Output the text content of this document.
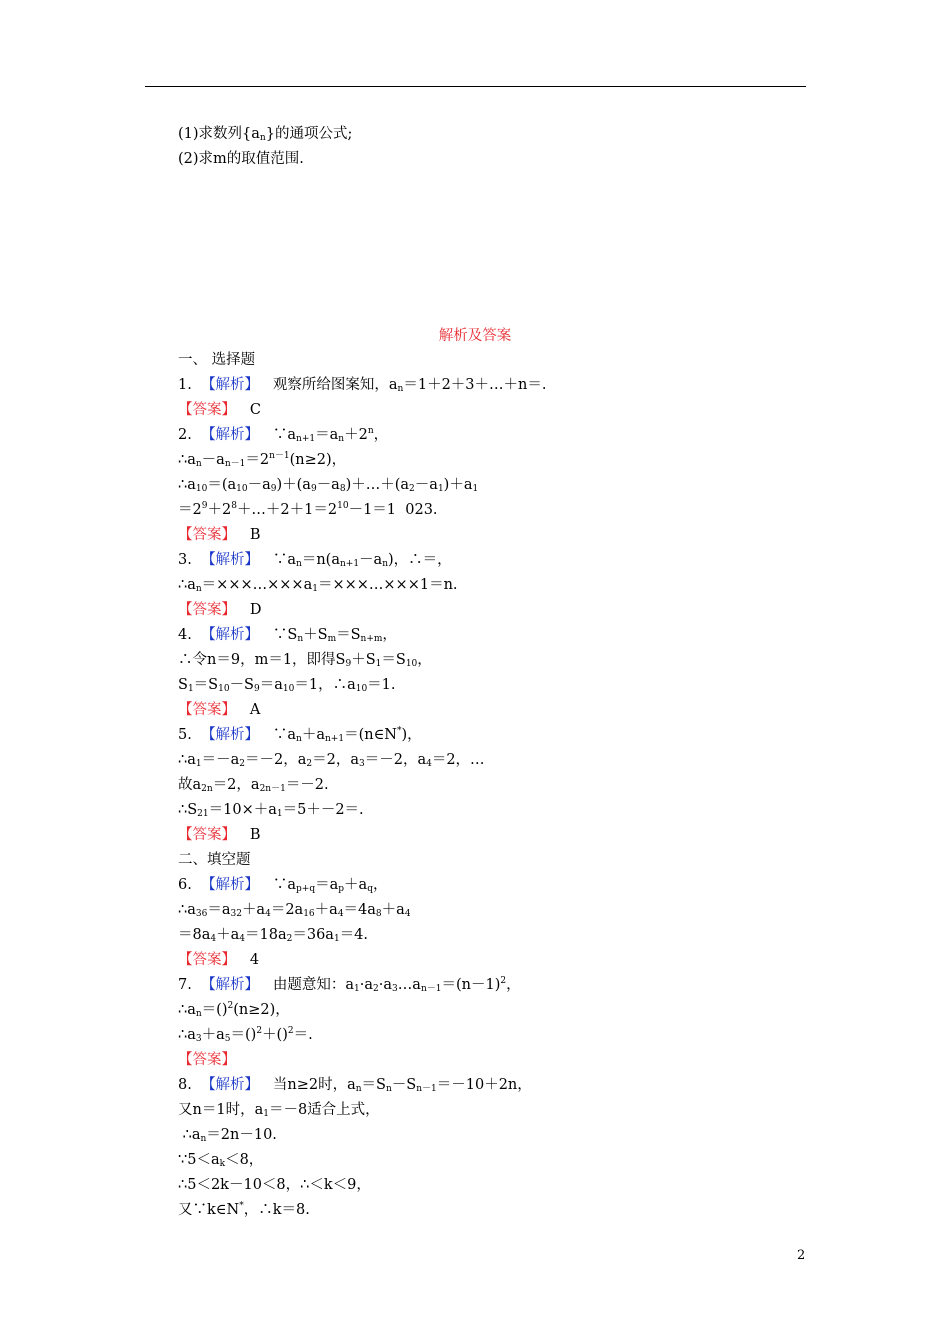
(1)求数列$\{a_n\}$的通项公式;
(2)求m的取值范围.
解析及答案
一、 选择题
1.  【解析】   观察所给图案知，$a_n=1+2+3+\dots+n=$.
【答案】 C
2.  【解析】   $\because a_{n+1}=a_n+2^n$，
$\therefore a_n-a_{n-1}=2^{n-1}(n\ge 2)$，
$\therefore a_{10}=(a_{10}-a_9)+(a_9-a_8)+\dots+(a_2-a_1)+a_1$
$=2^9+2^8+\dots+2+1=2^{10}-1=1$  023.
【答案】 B
3.  【解析】   $\because a_n=n(a_{n+1}-a_n)$，∴＝，
$\therefore a_n=\times\times\times\dots\times\times\times a_1=\times\times\times\dots\times\times\times 1=n$.
【答案】 D
4.  【解析】   $\because S_n+S_m=S_{n+m}$，
∴令n＝9，m＝1，即得$S_9+S_1=S_{10}$，
$S_1=S_{10}-S_9=a_{10}=1$，$\therefore a_{10}=1$.
【答案】 A
5.  【解析】   $\because a_n+a_{n+1}=(n\in N^*)$，
$\therefore a_1=-a_2=-2$，$a_2=2$，$a_3=-2$，$a_4=2$，…
故$a_{2n}=2$，$a_{2n-1}=-2$.
$\therefore S_{21}=10\times+a_1=5+-2=$.
【答案】 B
二、填空题
6.  【解析】   $\because a_{p+q}=a_p+a_q$，
$\therefore a_{36}=a_{32}+a_4=2a_{16}+a_4=4a_8+a_4$
$=8a_4+a_4=18a_2=36a_1=4$.
【答案】 4
7.  【解析】   由题意知：$a_1\cdot a_2\cdot a_3\dots a_{n-1}=(n-1)^2$，
$\therefore a_n=()^2(n\ge 2)$，
$\therefore a_3+a_5=()^2+()^2=$.
【答案】
8.  【解析】   当n≥2时，$a_n=S_n-S_{n-1}=-10+2n$，
又n＝1时，$a_1=-8$适合上式，
$\therefore a_n=2n-10$.
$\because 5<a_k<8$，
∴5＜2k－10＜8，∴＜k＜9，
又∵k∈N*，∴k＝8.
2
